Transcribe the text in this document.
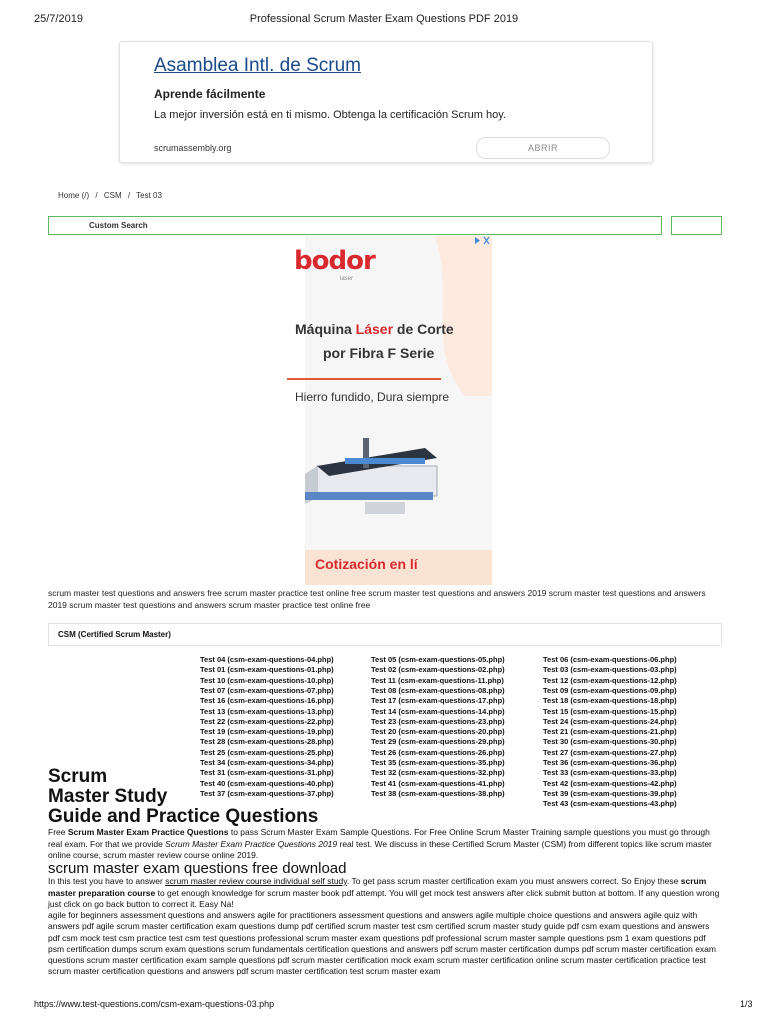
25/7/2019	Professional Scrum Master Exam Questions PDF 2019
Asamblea Intl. de Scrum
Aprende fácilmente
La mejor inversión está en ti mismo. Obtenga la certificación Scrum hoy.
scrumassembly.org	ABRIR
Home (/) / CSM / Test 03
Custom Search
bodor
laser
Máquina Láser de Corte
por Fibra F Serie
Hierro fundido, Dura siempre
Cotización en lí
scrum master test questions and answers free scrum master practice test online free scrum master test questions and answers 2019 scrum master test questions and answers 2019 scrum master test questions and answers scrum master practice test online free
CSM (Certified Scrum Master)
Test 04 (csm-exam-questions-04.php)	Test 05 (csm-exam-questions-05.php)	Test 06 (csm-exam-questions-06.php)
Test 01 (csm-exam-questions-01.php)	Test 02 (csm-exam-questions-02.php)	Test 03 (csm-exam-questions-03.php)
Test 10 (csm-exam-questions-10.php)	Test 11 (csm-exam-questions-11.php)	Test 12 (csm-exam-questions-12.php)
Test 07 (csm-exam-questions-07.php)	Test 08 (csm-exam-questions-08.php)	Test 09 (csm-exam-questions-09.php)
Test 16 (csm-exam-questions-16.php)	Test 17 (csm-exam-questions-17.php)	Test 18 (csm-exam-questions-18.php)
Test 13 (csm-exam-questions-13.php)	Test 14 (csm-exam-questions-14.php)	Test 15 (csm-exam-questions-15.php)
Test 22 (csm-exam-questions-22.php)	Test 23 (csm-exam-questions-23.php)	Test 24 (csm-exam-questions-24.php)
Test 19 (csm-exam-questions-19.php)	Test 20 (csm-exam-questions-20.php)	Test 21 (csm-exam-questions-21.php)
Test 28 (csm-exam-questions-28.php)	Test 29 (csm-exam-questions-29.php)	Test 30 (csm-exam-questions-30.php)
Test 25 (csm-exam-questions-25.php)	Test 26 (csm-exam-questions-26.php)	Test 27 (csm-exam-questions-27.php)
Test 34 (csm-exam-questions-34.php)	Test 35 (csm-exam-questions-35.php)	Test 36 (csm-exam-questions-36.php)
Test 31 (csm-exam-questions-31.php)	Test 32 (csm-exam-questions-32.php)	Test 33 (csm-exam-questions-33.php)
Test 40 (csm-exam-questions-40.php)	Test 41 (csm-exam-questions-41.php)	Test 42 (csm-exam-questions-42.php)
Test 37 (csm-exam-questions-37.php)	Test 38 (csm-exam-questions-38.php)	Test 39 (csm-exam-questions-39.php)
Test 43 (csm-exam-questions-43.php)
Scrum
Master Study
Guide and Practice Questions
Free Scrum Master Exam Practice Questions to pass Scrum Master Exam Sample Questions. For Free Online Scrum Master Training sample questions you must go through real exam. For that we provide Scrum Master Exam Practice Questions 2019 real test. We discuss in these Certified Scrum Master (CSM) from different topics like scrum master online course, scrum master review course online 2019.
scrum master exam questions free download
In this test you have to answer scrum master review course individual self study. To get pass scrum master certification exam you must answers correct. So Enjoy these scrum master preparation course to get enough knowledge for scrum master book pdf attempt. You will get mock test answers after click submit button at bottom. If any question wrong just click on go back button to correct it. Easy Na!
agile for beginners assessment questions and answers agile for practitioners assessment questions and answers agile multiple choice questions and answers agile quiz with answers pdf agile scrum master certification exam questions dump pdf certified scrum master test csm certified scrum master study guide pdf csm exam questions and answers pdf csm mock test csm practice test csm test questions professional scrum master exam questions pdf professional scrum master sample questions psm 1 exam questions pdf psm certification dumps scrum exam questions scrum fundamentals certification questions and answers pdf scrum master certification dumps pdf scrum master certification exam questions scrum master certification exam sample questions pdf scrum master certification mock exam scrum master certification online scrum master certification practice test scrum master certification questions and answers pdf scrum master certification test scrum master exam
https://www.test-questions.com/csm-exam-questions-03.php	1/3
